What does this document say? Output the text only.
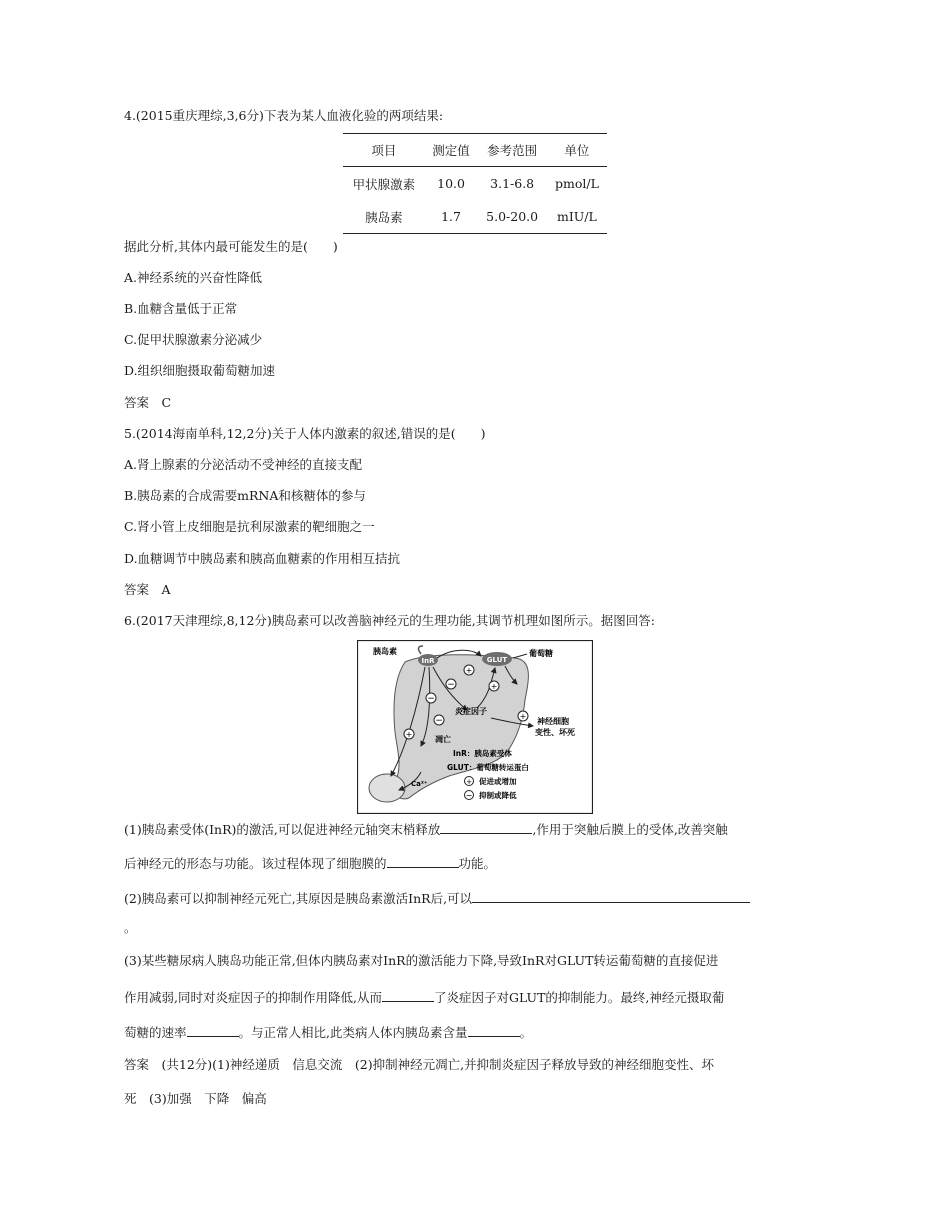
4.(2015重庆理综,3,6分)下表为某人血液化验的两项结果:
项目	测定值	参考范围	单位
甲状腺激素	10.0	3.1-6.8	pmol/L
胰岛素	1.7	5.0-20.0	mIU/L
据此分析,其体内最可能发生的是(　　)
A.神经系统的兴奋性降低
B.血糖含量低于正常
C.促甲状腺激素分泌减少
D.组织细胞摄取葡萄糖加速
答案　C
5.(2014海南单科,12,2分)关于人体内激素的叙述,错误的是(　　)
A.肾上腺素的分泌活动不受神经的直接支配
B.胰岛素的合成需要mRNA和核糖体的参与
C.肾小管上皮细胞是抗利尿激素的靶细胞之一
D.血糖调节中胰岛素和胰高血糖素的作用相互拮抗
答案　A
6.(2017天津理综,8,12分)胰岛素可以改善脑神经元的生理功能,其调节机理如图所示。据图回答:
+
+
+
+
−
−
−
胰岛素
InR	GLUT
葡萄糖
炎症因子
凋亡
神经细胞
变性、坏死
Ca²⁺
InR：胰岛素受体
GLUT：葡萄糖转运蛋白
+ 促进或增加
− 抑制或降低
(1)胰岛素受体(InR)的激活,可以促进神经元轴突末梢释放	,作用于突触后膜上的受体,改善突触
后神经元的形态与功能。该过程体现了细胞膜的	功能。
(2)胰岛素可以抑制神经元死亡,其原因是胰岛素激活InR后,可以
。
(3)某些糖尿病人胰岛功能正常,但体内胰岛素对InR的激活能力下降,导致InR对GLUT转运葡萄糖的直接促进
作用减弱,同时对炎症因子的抑制作用降低,从而	了炎症因子对GLUT的抑制能力。最终,神经元摄取葡
萄糖的速率	。与正常人相比,此类病人体内胰岛素含量	。
答案　(共12分)(1)神经递质　信息交流　(2)抑制神经元凋亡,并抑制炎症因子释放导致的神经细胞变性、坏
死　(3)加强　下降　偏高
